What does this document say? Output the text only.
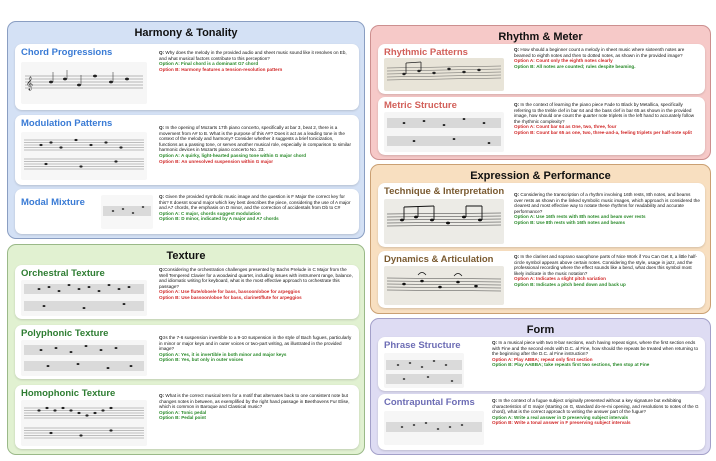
Harmony & Tonality
Chord Progressions
𝄞
Q: Why does the melody in the provided audio and sheet music sound like it resolves on Eb, and what musical factors contribute to this perception?
Option A: Final chord is a dominant G7 chord
Option B: Harmony features a tension-resolution pattern
Modulation Patterns	Q: In the opening of Mozarts 17th piano concerto, specifically at bar 3, beat 2, there is a movement from A# to B. What is the purpose of this A#? Does it act as a leading tone in the context of the melody and harmony? Consider whether it suggests a brief tonicization, functions as a passing tone, or serves another musical role, especially in comparison to similar harmonic devices in Mozarts piano concerto No. 23.
Option A: A quirky, light-hearted passing tone within G major chord
Option B: An unresolved suspension within G major
Modal Mixture
Q: Given the provided symbolic music image and the question is F Major the correct key for this? It doesnt sound major which key best describes the piece, considering the use of A major and A7 chords, the emphasis on D minor, and the correction of accidentals from Db to C#
Option A: C major, chords suggest modulation
Option B: D minor, indicated by A major and A7 chords
Texture
Orchestral Texture	Q:Considering the orchestration challenges presented by Bachs Prelude in C Major from the Well Tempered Clavier for a woodwind quartet, including issues with instrument range, balance, and idiomatic writing for keyboard, what is the most effective approach to orchestrate this passage?
Option A: Use flute/oboe/e for bass, bassoon/oboe for arpeggios
Option B: Use bassoon/oboe for bass, clarinet/flute for arpeggios
Polyphonic Texture	Q:Is the 7-6 suspension invertible to a 9-10 suspension in the style of Bach fugues, particularly in minor or major keys and in outer voices or two-part writing, as illustrated in the provided image?
Option A: Yes, it is invertible in both minor and major keys
Option B: Yes, but only in outer voices
Homophonic Texture	Q: What is the correct musical term for a motif that alternates back to one consistent note but changes notes in between, as exemplified by the right hand passage in Beethovens Fur Elise, which is common in Baroque and Classical music?
Option A: Tonic pedal
Option B: Pedal point
Rhythm & Meter
Rhythmic Patterns	Q: How should a beginner count a melody in sheet music where sixteenth notes are beamed to eighth notes and then to dotted notes, as shown in the provided image?
Option A: Count only the eighth notes clearly
Option B: All notes are counted; rules despite beaming.
Metric Structure	Q: In the context of learning the piano piece Fade to Black by Metallica, specifically referring to the treble clef in bar 64 and the bass clef in bar 65 as shown in the provided image, how should one count the quarter note triplets in the left hand to accurately follow the rhythmic complexity?
Option A: Count bar 64 as One, two, three, four
Option B: Count bar 65 as one, two, three-and-a, feeling triplets per half-note split
Expression & Performance
Technique & Interpretation Q: Considering the transcription of a rhythm involving 16th rests, 8th notes, and beams over rests as shown in the linked symbolic music images, which approach is considered the clearest and most effective way to notate these rhythms for readability and accurate performance?
Option A: Use 16th rests with 8th notes and beam over rests
Option B: Use 8th rests with 16th notes and beams
Dynamics & Articulation	Q: In the clarinet and soprano saxophone parts of Nice Work if You Can Get It, a little half-circle symbol appears above certain notes. Considering the style, usage in jazz, and the professional recording where the effect sounds like a bend, what does this symbol most likely indicate in the music notation?
Option A: Indicates a slight pitch variation
Option B: Indicates a pitch bend down and back up
Form
Phrase Structure	Q: In a musical piece with two 8-bar sections, each having repeat signs, where the first section ends with Fine and the second ends with D.C. al Fine, how should the repeats be treated when returning to the beginning after the D.C. al Fine instruction?
Option A: Play ABBA; repeat only first section
Option B: Play AABBA; take repeats first two sections, then stop at Fine
Contrapuntal Forms	Q: In the context of a fugue subject originally presented without a key signature but exhibiting characteristics of G major (starting on G, standard do-re-mi opening, and resolutions to notes of the G chord), what is the correct approach to writing the answer part of the fugue?
Option A: Write a real answer in D preserving subject intervals
Option B: Write a tonal answer in F preserving subject intervals
